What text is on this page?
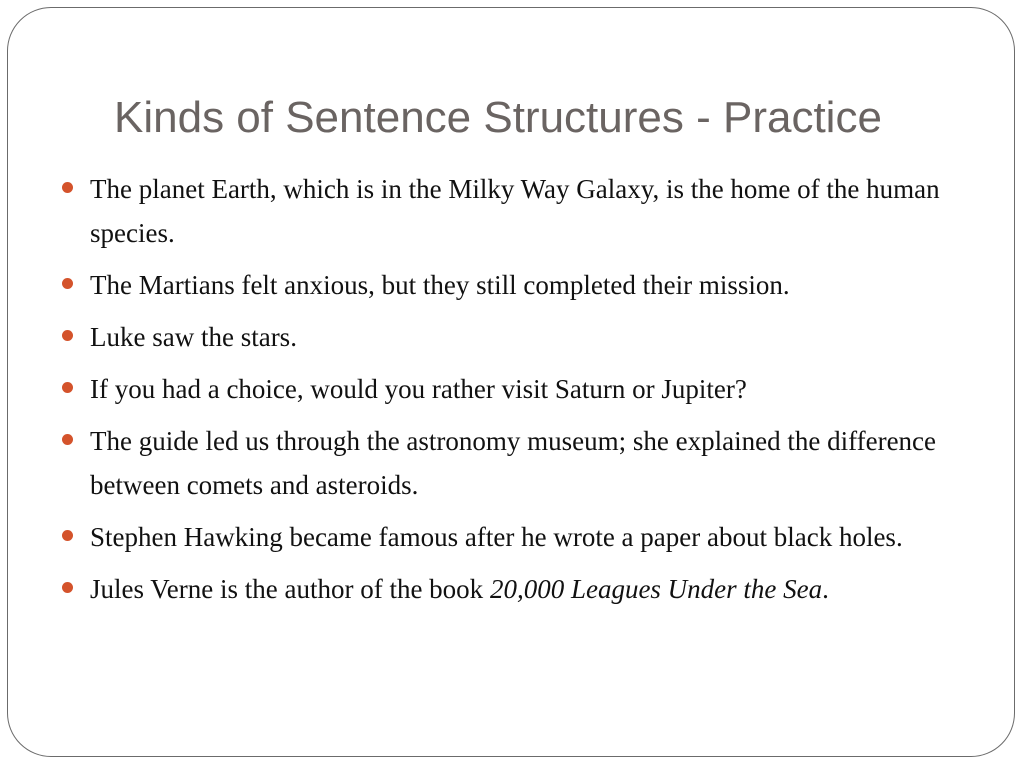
Kinds of Sentence Structures - Practice
The planet Earth, which is in the Milky Way Galaxy, is the home of the human species.
The Martians felt anxious, but they still completed their mission.
Luke saw the stars.
If you had a choice, would you rather visit Saturn or Jupiter?
The guide led us through the astronomy museum; she explained the difference between comets and asteroids.
Stephen Hawking became famous after he wrote a paper about black holes.
Jules Verne is the author of the book 20,000 Leagues Under the Sea.
